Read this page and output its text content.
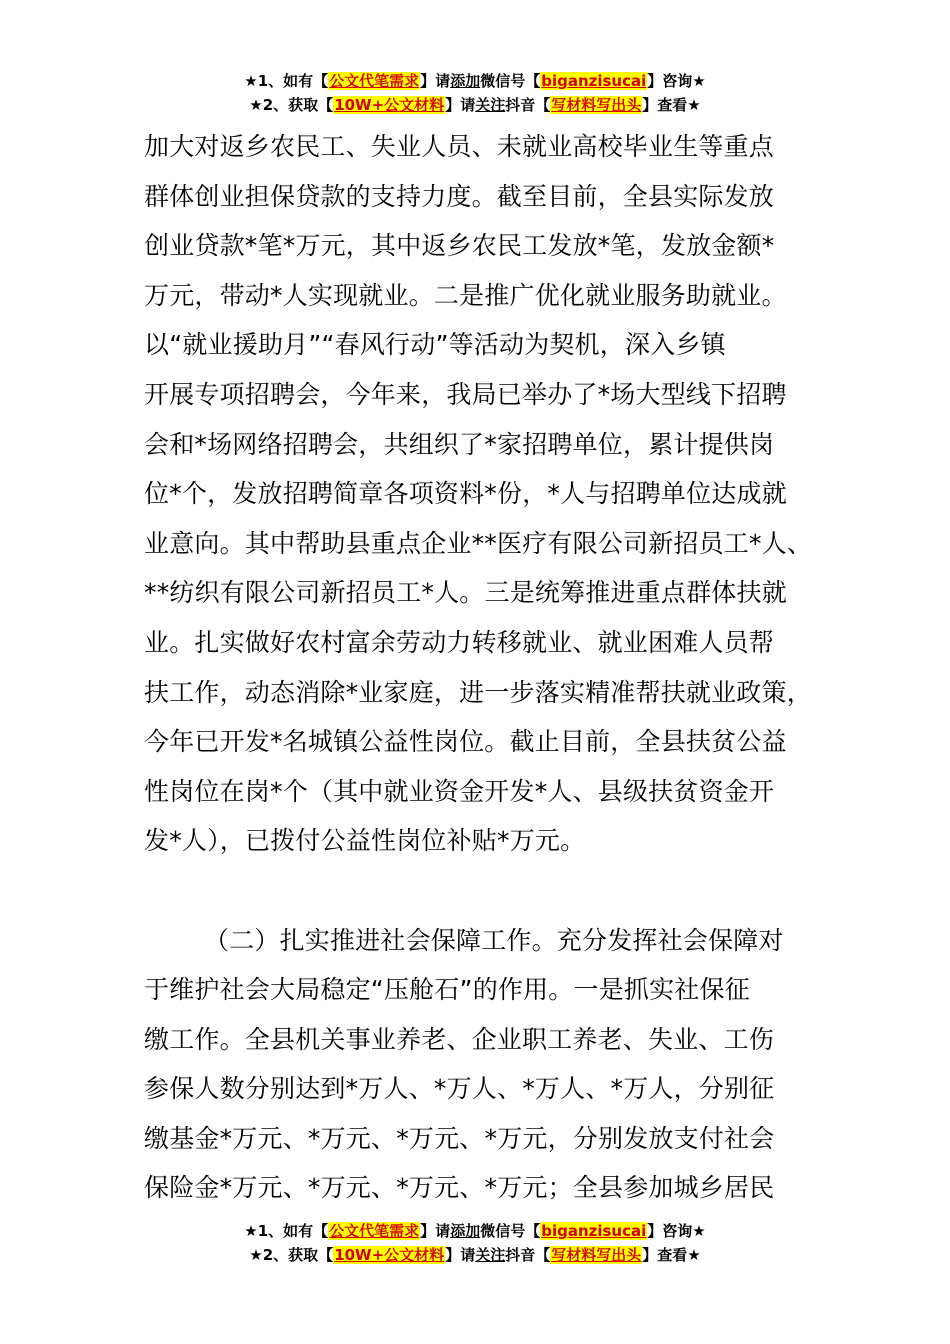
★1、如有【公文代笔需求】请添加微信号【biganzisucai】咨询★
★2、获取【10W+公文材料】请关注抖音【写材料写出头】查看★
加大对返乡农民工、失业人员、未就业高校毕业生等重点
群体创业担保贷款的支持力度。截至目前，全县实际发放
创业贷款*笔*万元，其中返乡农民工发放*笔，发放金额*
万元，带动*人实现就业。二是推广优化就业服务助就业。
以“就业援助月”“春风行动”等活动为契机，深入乡镇
开展专项招聘会，今年来，我局已举办了*场大型线下招聘
会和*场网络招聘会，共组织了*家招聘单位，累计提供岗
位*个，发放招聘简章各项资料*份，*人与招聘单位达成就
业意向。其中帮助县重点企业**医疗有限公司新招员工*人、
**纺织有限公司新招员工*人。三是统筹推进重点群体扶就
业。扎实做好农村富余劳动力转移就业、就业困难人员帮
扶工作，动态消除*业家庭，进一步落实精准帮扶就业政策，
今年已开发*名城镇公益性岗位。截止目前，全县扶贫公益
性岗位在岗*个（其中就业资金开发*人、县级扶贫资金开
发*人），已拨付公益性岗位补贴*万元。
（二）扎实推进社会保障工作。充分发挥社会保障对
于维护社会大局稳定“压舱石”的作用。一是抓实社保征
缴工作。全县机关事业养老、企业职工养老、失业、工伤
参保人数分别达到*万人、*万人、*万人、*万人，分别征
缴基金*万元、*万元、*万元、*万元，分别发放支付社会
保险金*万元、*万元、*万元、*万元；全县参加城乡居民
★1、如有【公文代笔需求】请添加微信号【biganzisucai】咨询★
★2、获取【10W+公文材料】请关注抖音【写材料写出头】查看★
